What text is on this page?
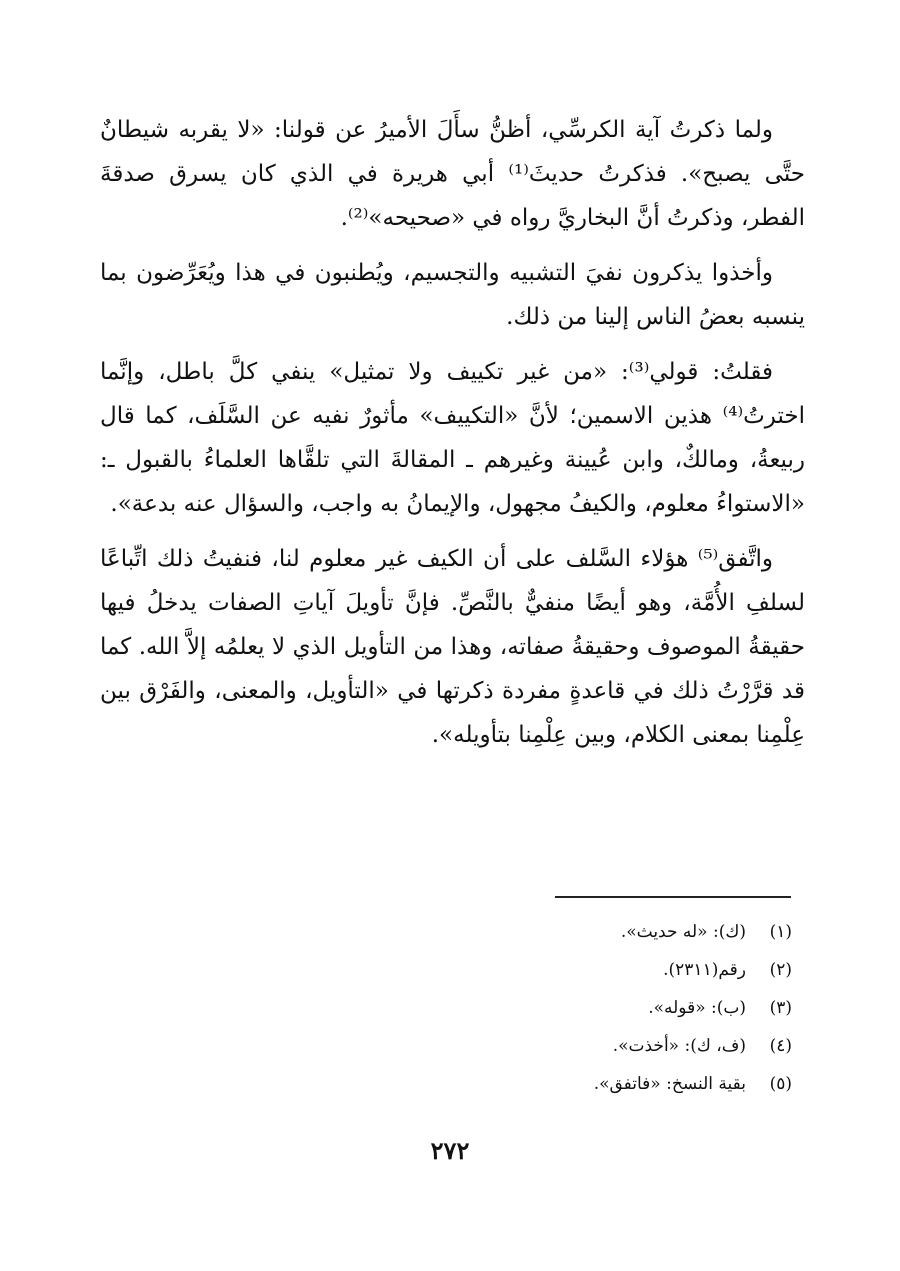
ولما ذكرتُ آية الكرسِّي، أظنُّ سأَلَ الأميرُ عن قولنا: «لا يقربه شيطانٌ حتَّى يصبح». فذكرتُ حديثَ⁽¹⁾ أبي هريرة في الذي كان يسرق صدقةَ الفطر، وذكرتُ أنَّ البخاريَّ رواه في «صحيحه»⁽²⁾.

وأخذوا يذكرون نفيَ التشبيه والتجسيم، ويُطنبون في هذا ويُعَرِّضون بما ينسبه بعضُ الناس إلينا من ذلك.

فقلتُ: قولي⁽³⁾: «من غير تكييف ولا تمثيل» ينفي كلَّ باطل، وإنَّما اخترتُ⁽⁴⁾ هذين الاسمين؛ لأنَّ «التكييف» مأثورٌ نفيه عن السَّلَف، كما قال ربيعةُ، ومالكٌ، وابن عُيينة وغيرهم ـ المقالةَ التي تلقَّاها العلماءُ بالقبول ـ: «الاستواءُ معلوم، والكيفُ مجهول، والإيمانُ به واجب، والسؤال عنه بدعة».

واتَّفق⁽⁵⁾ هؤلاء السَّلف على أن الكيف غير معلوم لنا، فنفيتُ ذلك اتِّباعًا لسلفِ الأُمَّة، وهو أيضًا منفيٌّ بالنَّصِّ. فإنَّ تأويلَ آياتِ الصفات يدخلُ فيها حقيقةُ الموصوف وحقيقةُ صفاته، وهذا من التأويل الذي لا يعلمُه إلاَّ الله. كما قد قرَّرْتُ ذلك في قاعدةٍ مفردة ذكرتها في «التأويل، والمعنى، والفَرْق بين عِلْمِنا بمعنى الكلام، وبين عِلْمِنا بتأويله».

(١)
(ك): «له حديث».
(٢)
رقم(٢٣١١).
(٣)
(ب): «قوله».
(٤)
(ف، ك): «أخذت».
(٥)
بقية النسخ: «فاتفق».
٢٧٢
